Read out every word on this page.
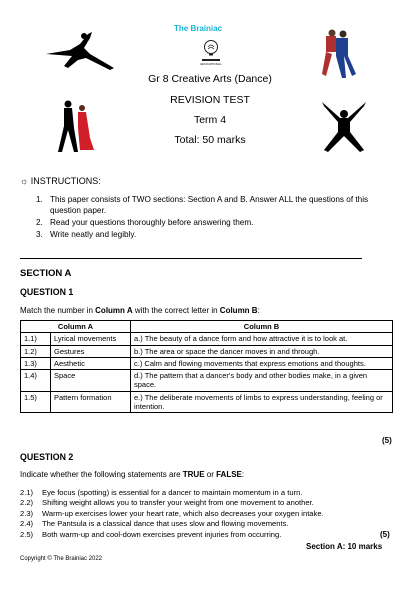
The Brainiac
EDUCATIONAL
Gr 8 Creative Arts (Dance)
REVISION TEST
Term 4
Total: 50 marks
☼ INSTRUCTIONS:
1. This paper consists of TWO sections: Section A and B. Answer ALL the questions of this question paper.
2. Read your questions thoroughly before answering them.
3. Write neatly and legibly.
SECTION A
QUESTION 1
Match the number in Column A with the correct letter in Column B:
Column A		Column B
1.1)	Lyrical movements	a.) The beauty of a dance form and how attractive it is to look at.
1.2)	Gestures	b.) The area or space the dancer moves in and through.
1.3)	Aesthetic	c.) Calm and flowing movements that express emotions and thoughts.
1.4)	Space	d.) The pattern that a dancer's body and other bodies make, in a given space.
1.5)	Pattern formation	e.) The deliberate movements of limbs to express understanding, feeling or intention.
(5)
QUESTION 2
Indicate whether the following statements are TRUE or FALSE:
2.1) Eye focus (spotting) is essential for a dancer to maintain momentum in a turn.
2.2) Shifting weight allows you to transfer your weight from one movement to another.
2.3) Warm-up exercises lower your heart rate, which also decreases your oxygen intake.
2.4) The Pantsula is a classical dance that uses slow and flowing movements.
2.5) Both warm-up and cool-down exercises prevent injuries from occurring.	(5)
Section A: 10 marks
Copyright © The Brainiac 2022
